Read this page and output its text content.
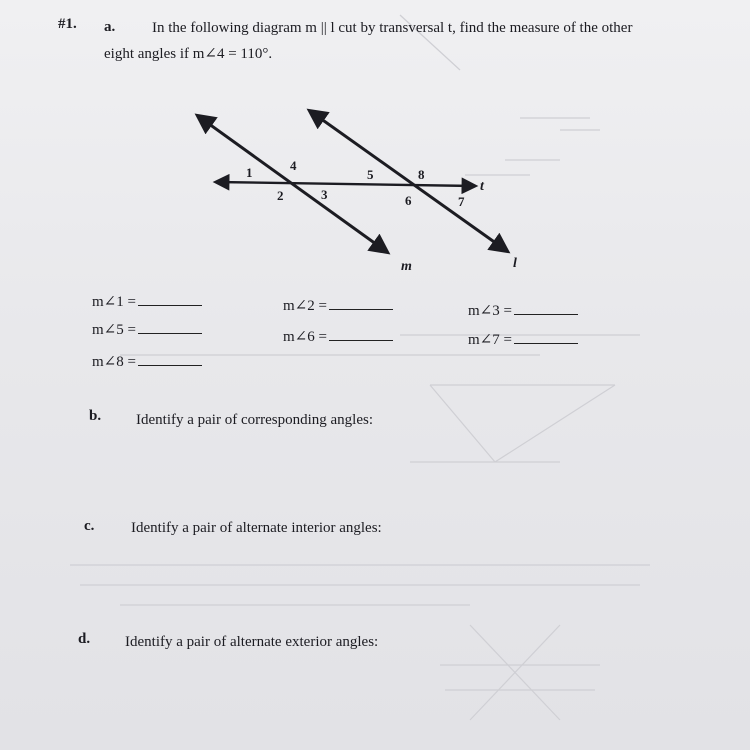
#1. a. In the following diagram m || l cut by transversal t, find the measure of the other
eight angles if m∠4 = 110°.
1	4
2	3
5	8
6	7
t
m	l
m∠1 =	m∠2 =	m∠3 =
m∠5 =	m∠6 =	m∠7 =
m∠8 =
b. Identify a pair of corresponding angles:
c. Identify a pair of alternate interior angles:
d. Identify a pair of alternate exterior angles:
